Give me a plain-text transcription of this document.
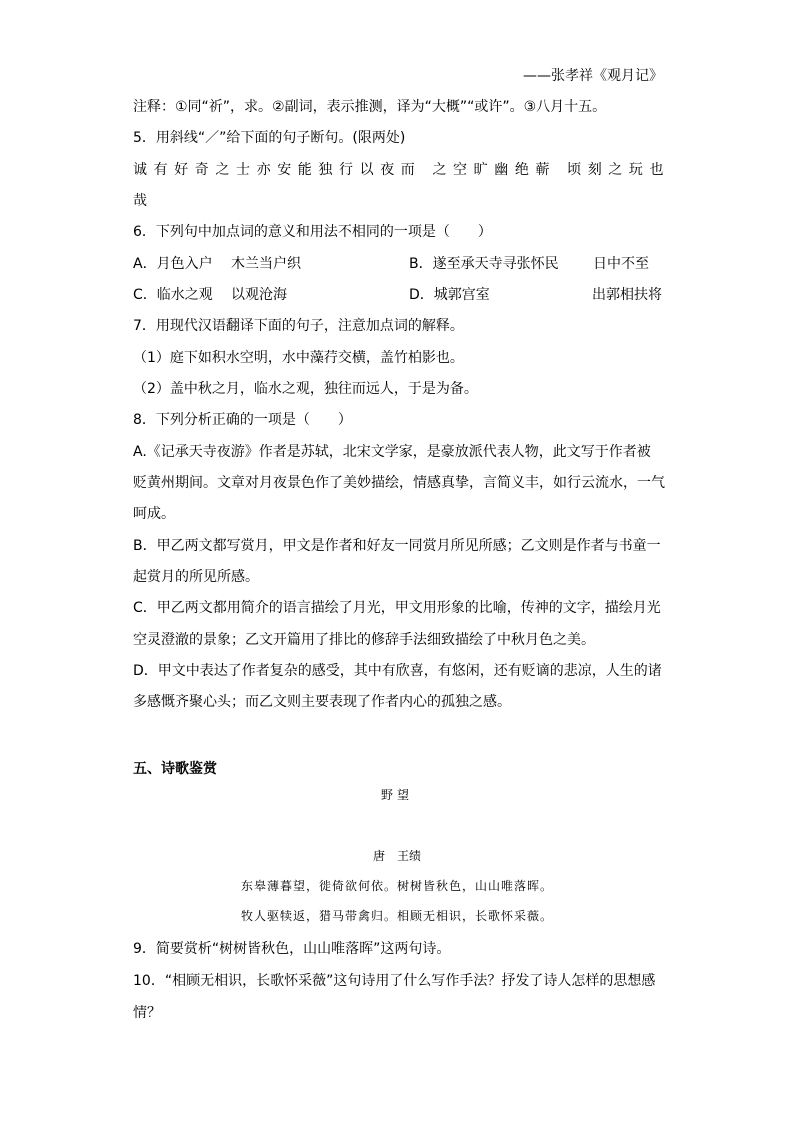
——张孝祥《观月记》
注释：①同“祈”，求。②副词，表示推测，译为“大概”“或许”。③八月十五。
5．用斜线“／”给下面的句子断句。(限两处)
诚有好奇之士亦安能独行以夜而 之空旷幽绝蕲 顷刻之玩也
哉
6．下列句中加点词的意义和用法不相同的一项是（　　）
A．月色入户 木兰当户织	B．遂至承天寺寻张怀民 日中不至
C．临水之观 以观沧海	D．城郭宫室	出郭相扶将
7．用现代汉语翻译下面的句子，注意加点词的解释。
（1）庭下如积水空明，水中藻荇交横，盖竹柏影也。
（2）盖中秋之月，临水之观，独往而远人，于是为备。
8．下列分析正确的一项是（　　）
A.《记承天寺夜游》作者是苏轼，北宋文学家，是豪放派代表人物，此文写于作者被
贬黄州期间。文章对月夜景色作了美妙描绘，情感真挚，言简义丰，如行云流水，一气
呵成。
B．甲乙两文都写赏月，甲文是作者和好友一同赏月所见所感；乙文则是作者与书童一
起赏月的所见所感。
C．甲乙两文都用简介的语言描绘了月光，甲文用形象的比喻，传神的文字，描绘月光
空灵澄澈的景象；乙文开篇用了排比的修辞手法细致描绘了中秋月色之美。
D．甲文中表达了作者复杂的感受，其中有欣喜，有悠闲，还有贬谪的悲凉，人生的诸
多感慨齐聚心头；而乙文则主要表现了作者内心的孤独之感。
五、诗歌鉴赏
野望
唐　王绩
东皋薄暮望，徙倚欲何依。树树皆秋色，山山唯落晖。
牧人驱犊返，猎马带禽归。相顾无相识，长歌怀采薇。
9．简要赏析“树树皆秋色，山山唯落晖”这两句诗。
10．“相顾无相识，长歌怀采薇”这句诗用了什么写作手法？抒发了诗人怎样的思想感
情？
